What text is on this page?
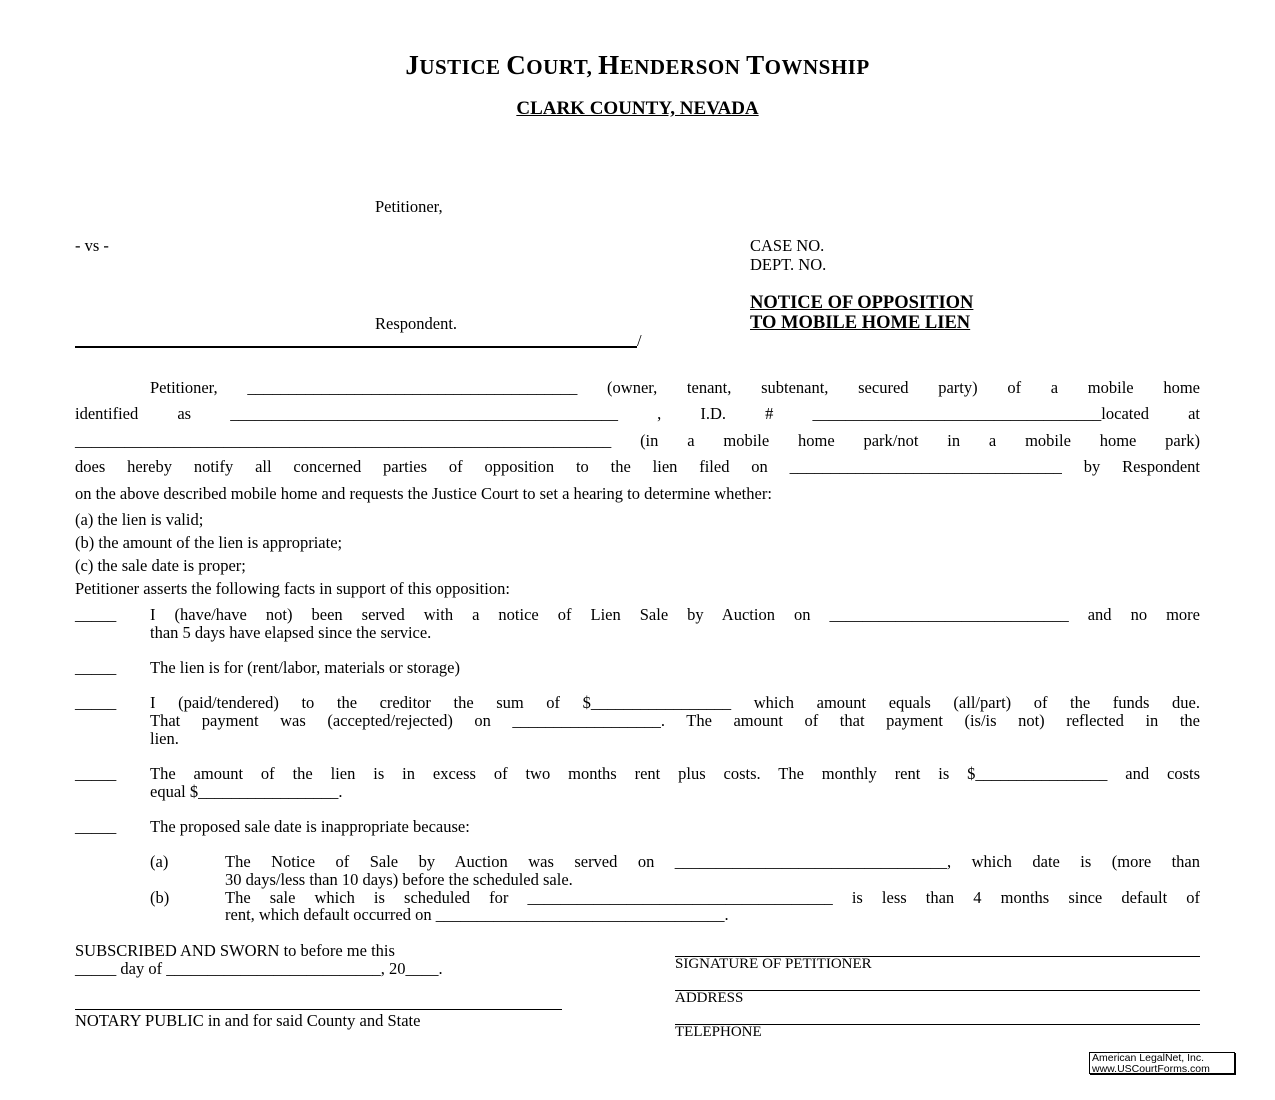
JUSTICE COURT, HENDERSON TOWNSHIP
CLARK COUNTY, NEVADA
Petitioner,
- vs -	CASE NO.
DEPT. NO.
NOTICE OF OPPOSITION
TO MOBILE HOME LIEN
Respondent.
/
Petitioner, ________________________________________ (owner, tenant, subtenant, secured party) of a mobile home
identified as _______________________________________________ , I.D. # ___________________________________located at
_________________________________________________________________ (in a mobile home park/not in a mobile home park)
does hereby notify all concerned parties of opposition to the lien filed on _________________________________ by Respondent
on the above described mobile home and requests the Justice Court to set a hearing to determine whether:
(a) the lien is valid;
(b) the amount of the lien is appropriate;
(c) the sale date is proper;
Petitioner asserts the following facts in support of this opposition:
_____ I (have/have not) been served with a notice of Lien Sale by Auction on _____________________________ and no more
than 5 days have elapsed since the service.
_____ The lien is for (rent/labor, materials or storage)
_____ I (paid/tendered) to the creditor the sum of $_________________ which amount equals (all/part) of the funds due.
That payment was (accepted/rejected) on __________________. The amount of that payment (is/is not) reflected in the
lien.
_____ The amount of the lien is in excess of two months rent plus costs. The monthly rent is $________________ and costs
equal $_________________.
_____ The proposed sale date is inappropriate because:
(a)	The Notice of Sale by Auction was served on _________________________________, which date is (more than
30 days/less than 10 days) before the scheduled sale.
(b)	The sale which is scheduled for _____________________________________ is less than 4 months since default of
rent, which default occurred on ___________________________________.
SUBSCRIBED AND SWORN to before me this
_____ day of __________________________, 20____.
NOTARY PUBLIC in and for said County and State
SIGNATURE OF PETITIONER
ADDRESS
TELEPHONE
American LegalNet, Inc.
www.USCourtForms.com
